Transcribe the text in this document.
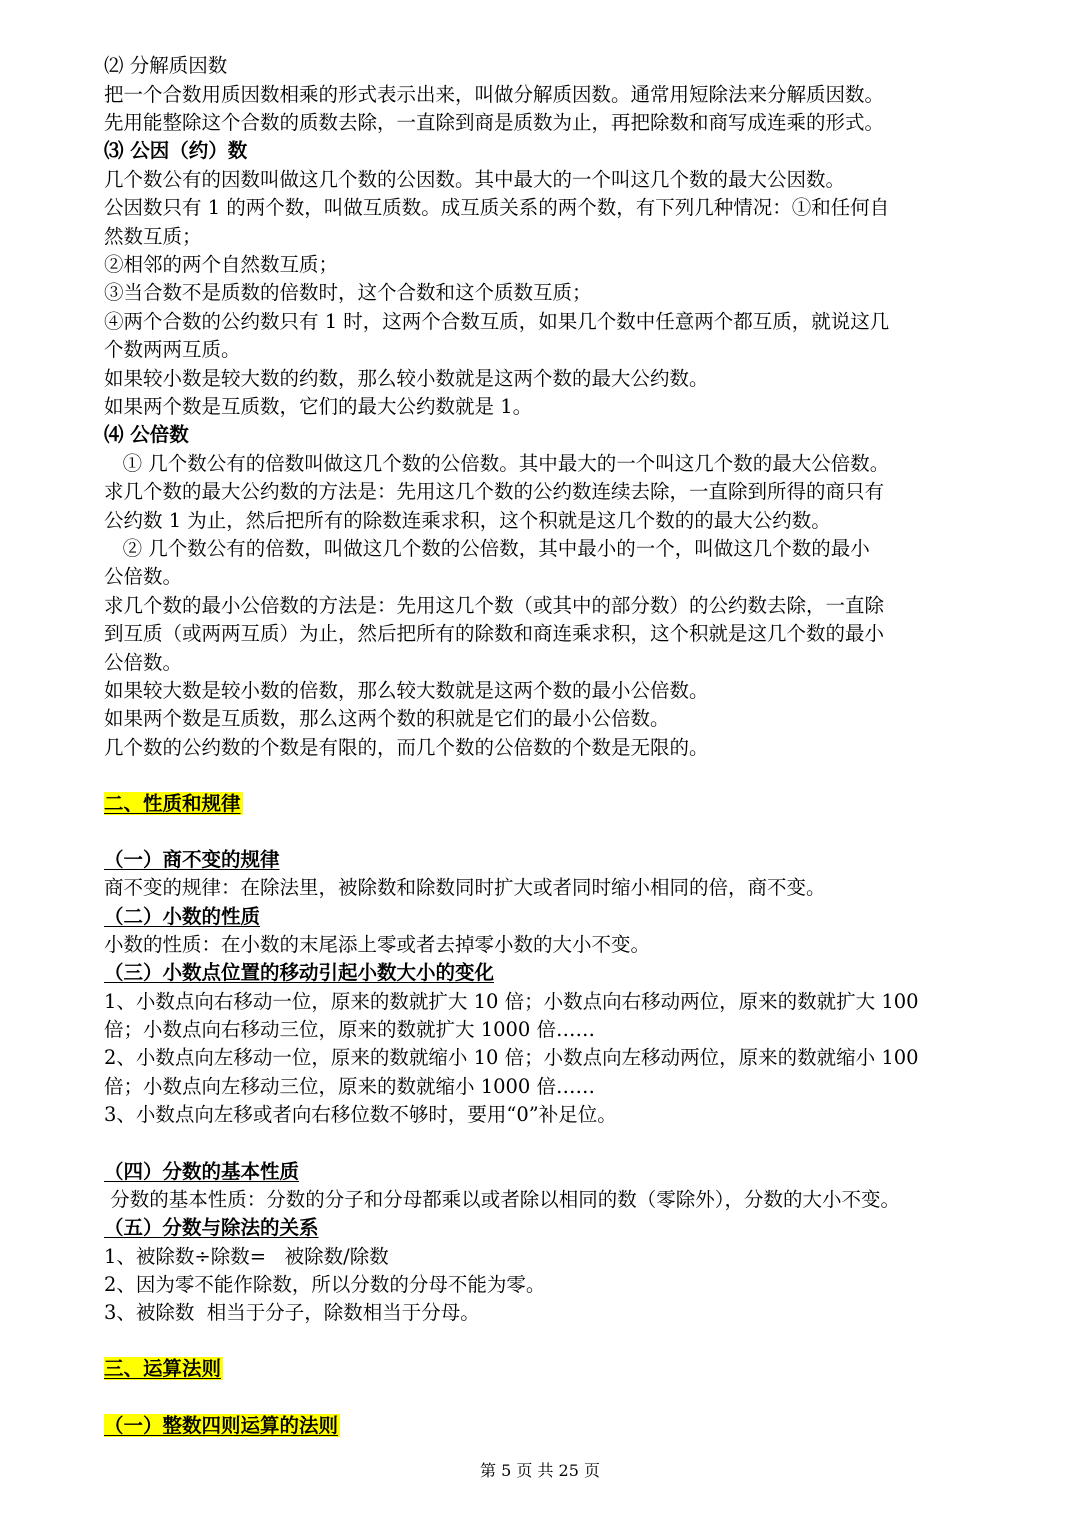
⑵ 分解质因数
把一个合数用质因数相乘的形式表示出来，叫做分解质因数。通常用短除法来分解质因数。
先用能整除这个合数的质数去除，一直除到商是质数为止，再把除数和商写成连乘的形式。
⑶ 公因（约）数
几个数公有的因数叫做这几个数的公因数。其中最大的一个叫这几个数的最大公因数。
公因数只有 1 的两个数，叫做互质数。成互质关系的两个数，有下列几种情况：①和任何自
然数互质；
②相邻的两个自然数互质；
③当合数不是质数的倍数时，这个合数和这个质数互质；
④两个合数的公约数只有 1 时，这两个合数互质，如果几个数中任意两个都互质，就说这几
个数两两互质。
如果较小数是较大数的约数，那么较小数就是这两个数的最大公约数。
如果两个数是互质数，它们的最大公约数就是 1。
⑷ 公倍数
① 几个数公有的倍数叫做这几个数的公倍数。其中最大的一个叫这几个数的最大公倍数。
求几个数的最大公约数的方法是：先用这几个数的公约数连续去除，一直除到所得的商只有
公约数 1 为止，然后把所有的除数连乘求积，这个积就是这几个数的的最大公约数。
② 几个数公有的倍数，叫做这几个数的公倍数，其中最小的一个，叫做这几个数的最小
公倍数。
求几个数的最小公倍数的方法是：先用这几个数（或其中的部分数）的公约数去除，一直除
到互质（或两两互质）为止，然后把所有的除数和商连乘求积，这个积就是这几个数的最小
公倍数。
如果较大数是较小数的倍数，那么较大数就是这两个数的最小公倍数。
如果两个数是互质数，那么这两个数的积就是它们的最小公倍数。
几个数的公约数的个数是有限的，而几个数的公倍数的个数是无限的。
二、性质和规律
（一）商不变的规律
商不变的规律：在除法里，被除数和除数同时扩大或者同时缩小相同的倍，商不变。
（二）小数的性质
小数的性质：在小数的末尾添上零或者去掉零小数的大小不变。
（三）小数点位置的移动引起小数大小的变化
1、小数点向右移动一位，原来的数就扩大 10 倍；小数点向右移动两位，原来的数就扩大 100
倍；小数点向右移动三位，原来的数就扩大 1000 倍……
2、小数点向左移动一位，原来的数就缩小 10 倍；小数点向左移动两位，原来的数就缩小 100
倍；小数点向左移动三位，原来的数就缩小 1000 倍……
3、小数点向左移或者向右移位数不够时，要用“0”补足位。
（四）分数的基本性质
分数的基本性质：分数的分子和分母都乘以或者除以相同的数（零除外），分数的大小不变。
（五）分数与除法的关系
1、被除数÷除数=   被除数/除数
2、因为零不能作除数，所以分数的分母不能为零。
3、被除数  相当于分子，除数相当于分母。
三、运算法则
（一）整数四则运算的法则
第 5 页 共 25 页
